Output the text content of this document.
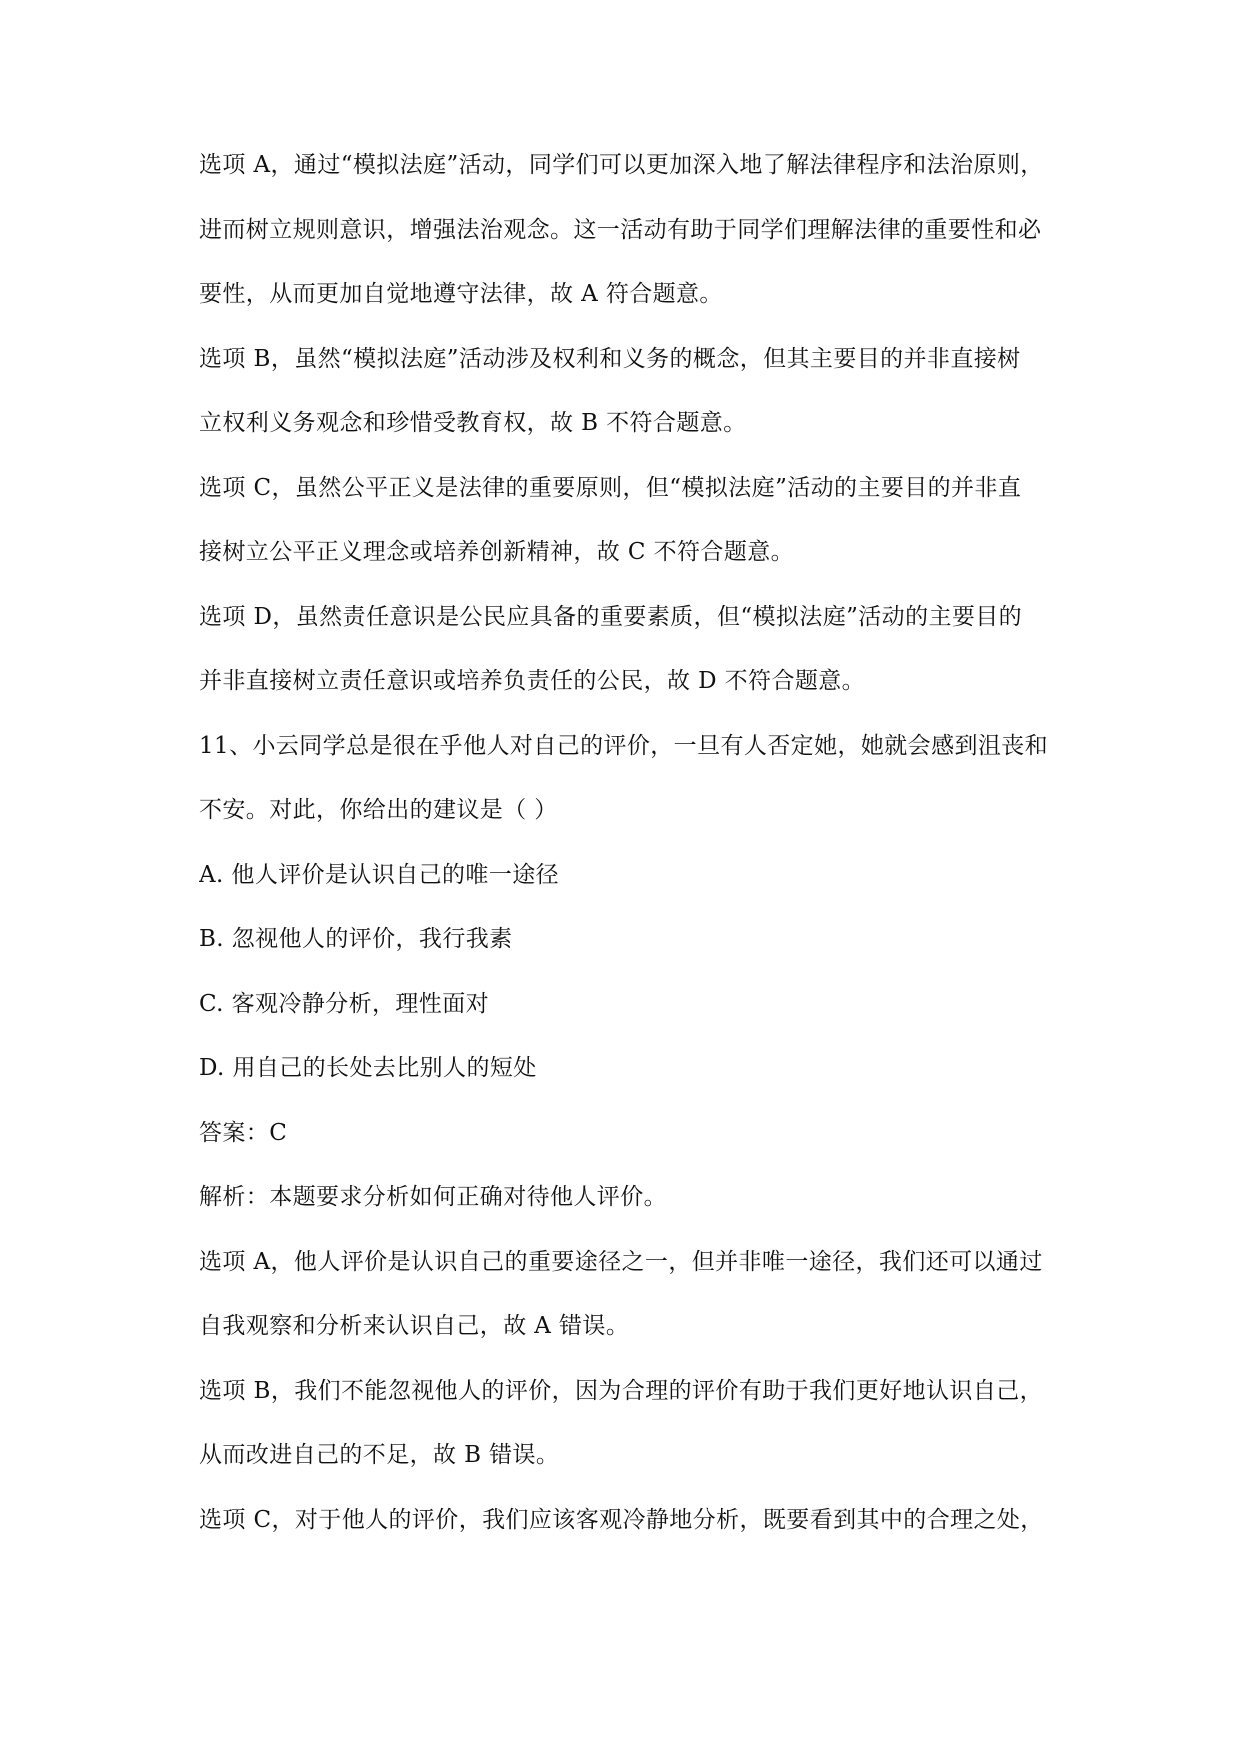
选项 A，通过“模拟法庭”活动，同学们可以更加深入地了解法律程序和法治原则，
进而树立规则意识，增强法治观念。这一活动有助于同学们理解法律的重要性和必
要性，从而更加自觉地遵守法律，故 A 符合题意。
选项 B，虽然“模拟法庭”活动涉及权利和义务的概念，但其主要目的并非直接树
立权利义务观念和珍惜受教育权，故 B 不符合题意。
选项 C，虽然公平正义是法律的重要原则，但“模拟法庭”活动的主要目的并非直
接树立公平正义理念或培养创新精神，故 C 不符合题意。
选项 D，虽然责任意识是公民应具备的重要素质，但“模拟法庭”活动的主要目的
并非直接树立责任意识或培养负责任的公民，故 D 不符合题意。
11、小云同学总是很在乎他人对自己的评价，一旦有人否定她，她就会感到沮丧和
不安。对此，你给出的建议是（ ）
A. 他人评价是认识自己的唯一途径
B. 忽视他人的评价，我行我素
C. 客观冷静分析，理性面对
D. 用自己的长处去比别人的短处
答案：C
解析：本题要求分析如何正确对待他人评价。
选项 A，他人评价是认识自己的重要途径之一，但并非唯一途径，我们还可以通过
自我观察和分析来认识自己，故 A 错误。
选项 B，我们不能忽视他人的评价，因为合理的评价有助于我们更好地认识自己，
从而改进自己的不足，故 B 错误。
选项 C，对于他人的评价，我们应该客观冷静地分析，既要看到其中的合理之处，
